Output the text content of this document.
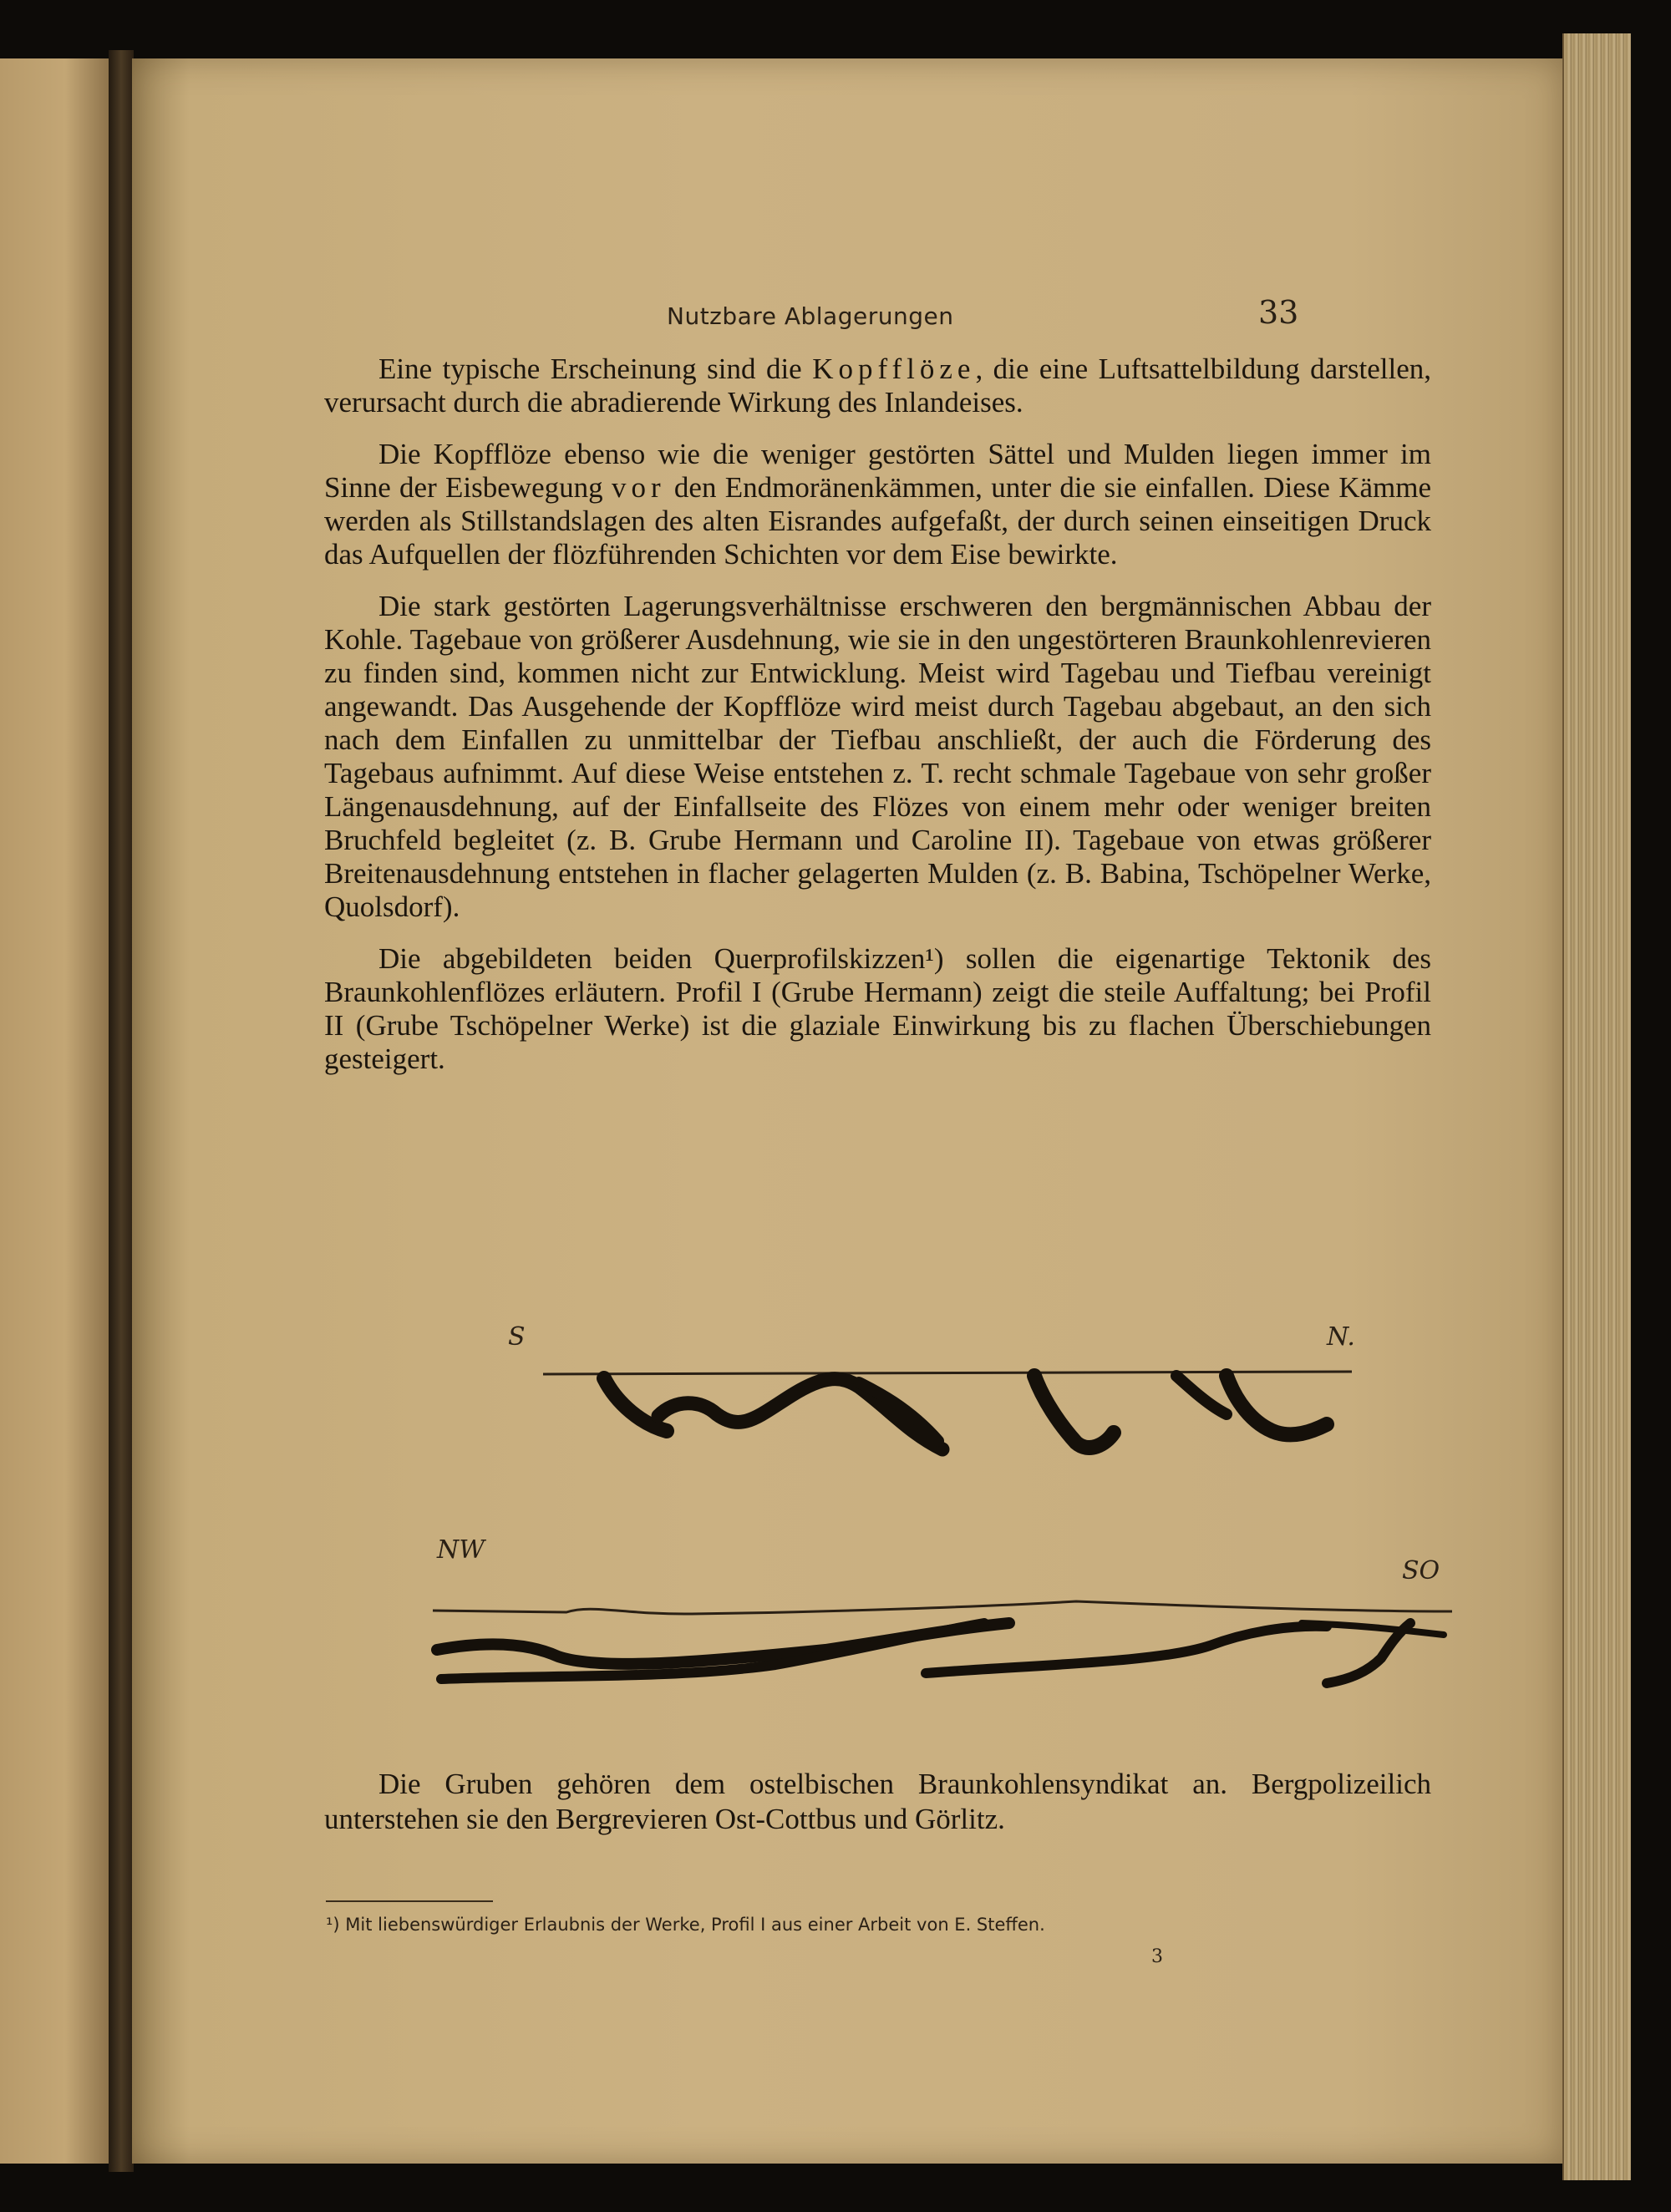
Nutzbare Ablagerungen	33

Eine typische Erscheinung sind die Kopfflöze, die eine Luftsattelbildung darstellen, verursacht durch die abradierende Wirkung des Inlandeises.

Die Kopfflöze ebenso wie die weniger gestörten Sättel und Mulden liegen immer im Sinne der Eisbewegung vor den Endmoränenkämmen, unter die sie einfallen. Diese Kämme werden als Stillstandslagen des alten Eisrandes aufgefaßt, der durch seinen einseitigen Druck das Aufquellen der flözführenden Schichten vor dem Eise bewirkte.

Die stark gestörten Lagerungsverhältnisse erschweren den bergmännischen Abbau der Kohle. Tagebaue von größerer Ausdehnung, wie sie in den ungestörteren Braunkohlenrevieren zu finden sind, kommen nicht zur Entwicklung. Meist wird Tagebau und Tiefbau vereinigt angewandt. Das Ausgehende der Kopfflöze wird meist durch Tagebau abgebaut, an den sich nach dem Einfallen zu unmittelbar der Tiefbau anschließt, der auch die Förderung des Tagebaus aufnimmt. Auf diese Weise entstehen z. T. recht schmale Tagebaue von sehr großer Längenausdehnung, auf der Einfallseite des Flözes von einem mehr oder weniger breiten Bruchfeld begleitet (z. B. Grube Hermann und Caroline II). Tagebaue von etwas größerer Breitenausdehnung entstehen in flacher gelagerten Mulden (z. B. Babina, Tschöpelner Werke, Quolsdorf).

Die abgebildeten beiden Querprofilskizzen¹) sollen die eigenartige Tektonik des Braunkohlenflözes erläutern. Profil I (Grube Hermann) zeigt die steile Auffaltung; bei Profil II (Grube Tschöpelner Werke) ist die glaziale Einwirkung bis zu flachen Überschiebungen gesteigert.

S	N.
NW
SO

Die Gruben gehören dem ostelbischen Braunkohlensyndikat an. Bergpolizeilich unterstehen sie den Bergrevieren Ost-Cottbus und Görlitz.

¹) Mit liebenswürdiger Erlaubnis der Werke, Profil I aus einer Arbeit von E. Steffen.
3
